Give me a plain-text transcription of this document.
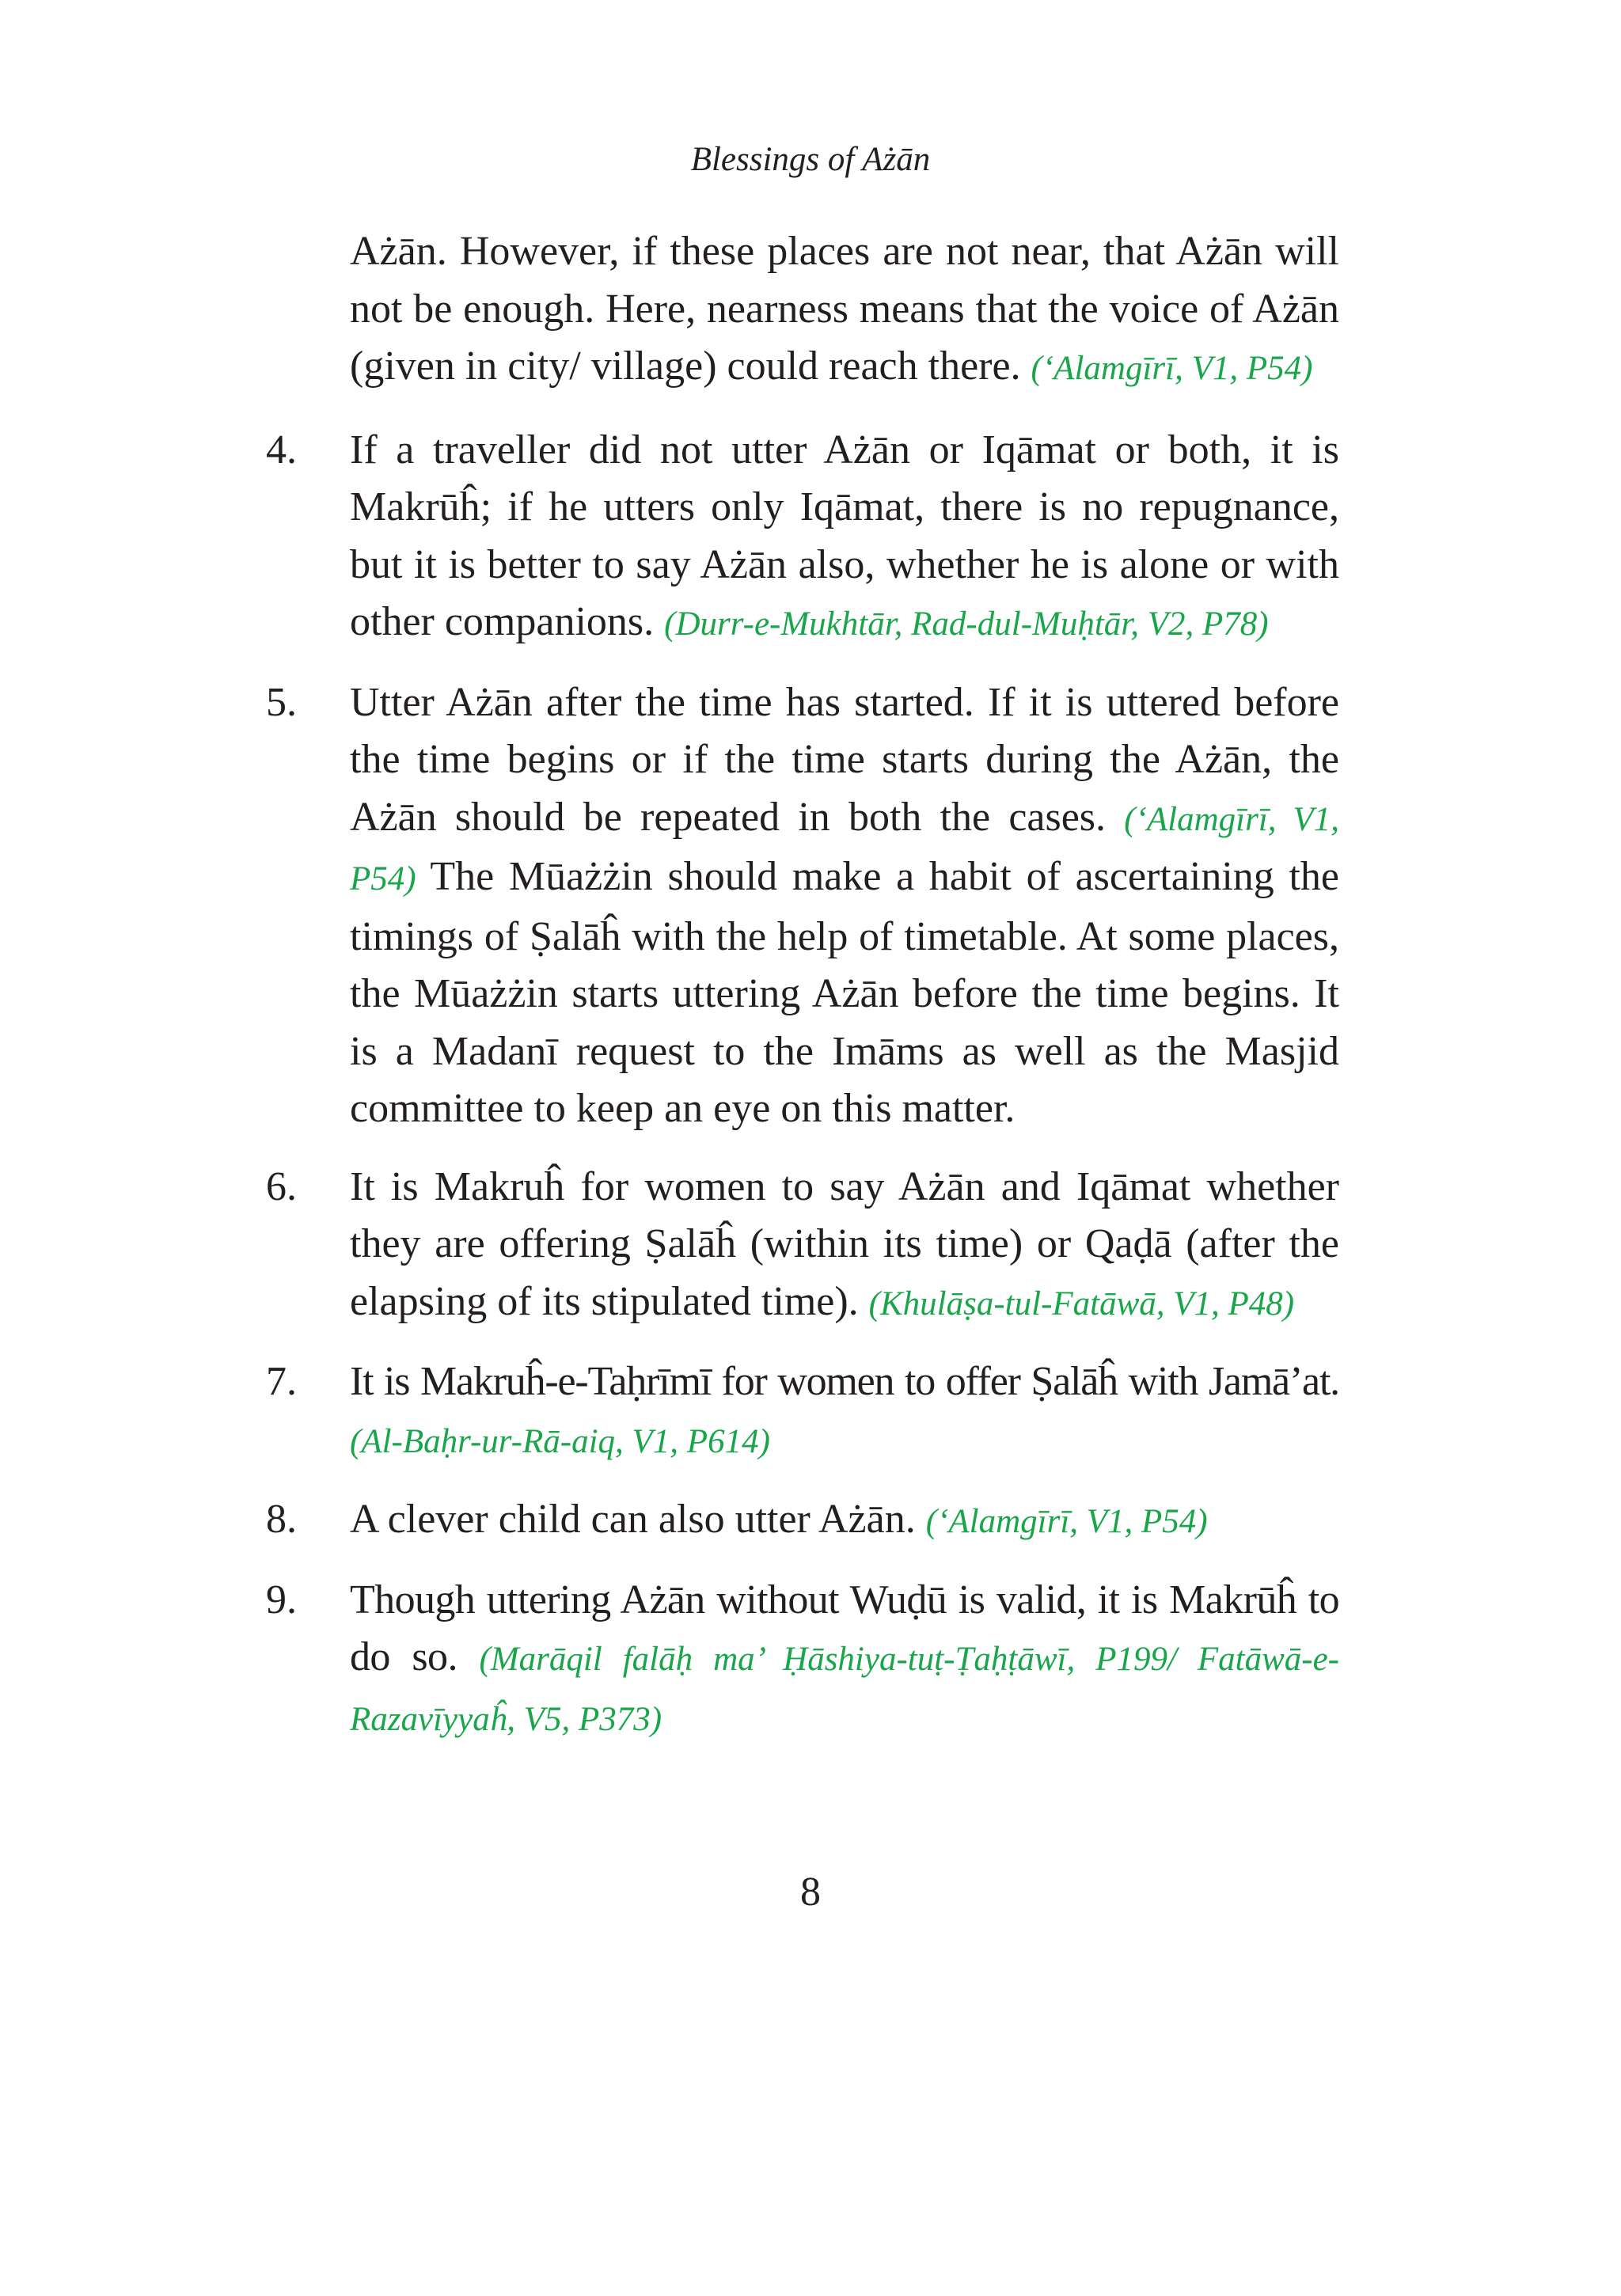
Blessings of Ażān

Ażān. However, if these places are not near, that Ażān will not be enough. Here, nearness means that the voice of Ażān (given in city/ village) could reach there. (‘Alamgīrī, V1, P54)

4. If a traveller did not utter Ażān or Iqāmat or both, it is Makrūĥ; if he utters only Iqāmat, there is no repugnance, but it is better to say Ażān also, whether he is alone or with other companions. (Durr-e-Mukhtār, Rad-dul-Muḥtār, V2, P78)

5. Utter Ażān after the time has started. If it is uttered before the time begins or if the time starts during the Ażān, the Ażān should be repeated in both the cases. (‘Alamgīrī, V1, P54) The Mūażżin should make a habit of ascertaining the timings of Ṣalāĥ with the help of timetable. At some places, the Mūażżin starts uttering Ażān before the time begins. It is a Madanī request to the Imāms as well as the Masjid committee to keep an eye on this matter.

6. It is Makruĥ for women to say Ażān and Iqāmat whether they are offering Ṣalāĥ (within its time) or Qaḍā (after the elapsing of its stipulated time). (Khulāṣa-tul-Fatāwā, V1, P48)

7. It is Makruĥ-e-Taḥrīmī for women to offer Ṣalāĥ with Jamā’at. (Al-Baḥr-ur-Rā-aiq, V1, P614)

8. A clever child can also utter Ażān. (‘Alamgīrī, V1, P54)

9. Though uttering Ażān without Wuḍū is valid, it is Makrūĥ to do so. (Marāqil falāḥ ma’ Ḥāshiya-tuṭ-Ṭaḥṭāwī, P199/ Fatāwā-e-Razavīyyaĥ, V5, P373)

8
